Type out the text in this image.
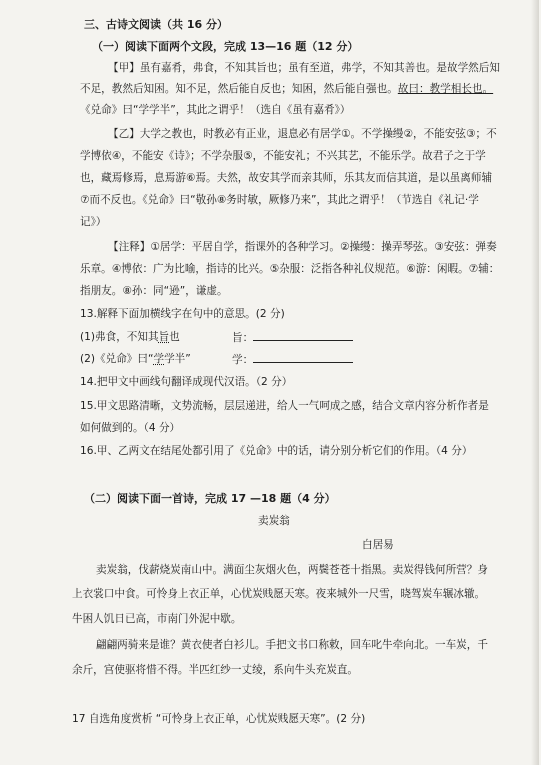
三、古诗文阅读（共 16 分）
（一）阅读下面两个文段，完成 13—16 题（12 分）
【甲】虽有嘉肴，弗食，不知其旨也；虽有至道，弗学，不知其善也。是故学然后知
不足，教然后知困。知不足，然后能自反也；知困，然后能自强也。故曰：教学相长也。
《兑命》曰“学学半”，其此之谓乎！（选自《虽有嘉肴》）
【乙】大学之教也，时教必有正业，退息必有居学①。不学操缦②，不能安弦③；不
学博依④，不能安《诗》；不学杂服⑤，不能安礼；不兴其艺，不能乐学。故君子之于学
也，藏焉修焉，息焉游⑥焉。夫然，故安其学而亲其师，乐其友而信其道，是以虽离师辅
⑦而不反也。《兑命》曰“敬孙⑧务时敏，厥修乃来”，其此之谓乎！（节选自《礼记·学
记》）
【注释】①居学：平居自学，指课外的各种学习。②操缦：操弄琴弦。③安弦：弹奏
乐章。④博依：广为比喻，指诗的比兴。⑤杂服：泛指各种礼仪规范。⑥游：闲暇。⑦辅：
指朋友。⑧孙：同“逊”，谦虚。
13.解释下面加横线字在句中的意思。(2 分)
(1)弗食，不知其旨也	旨：
(2)《兑命》曰“学学半”	学：
14.把甲文中画线句翻译成现代汉语。（2 分）
15.甲文思路清晰，文势流畅，层层递进，给人一气呵成之感，结合文章内容分析作者是
如何做到的。（4 分）
16.甲、乙两文在结尾处都引用了《兑命》中的话，请分别分析它们的作用。（4 分）
（二）阅读下面一首诗，完成 17 —18 题（4 分）
卖炭翁
白居易
卖炭翁，伐薪烧炭南山中。满面尘灰烟火色，两鬓苍苍十指黑。卖炭得钱何所营？身
上衣裳口中食。可怜身上衣正单，心忧炭贱愿天寒。夜来城外一尺雪，晓驾炭车辗冰辙。
牛困人饥日已高，市南门外泥中歇。
翩翩两骑来是谁？黄衣使者白衫儿。手把文书口称敕，回车叱牛牵向北。一车炭，千
余斤，宫使驱将惜不得。半匹红纱一丈绫，系向牛头充炭直。
17 自选角度赏析 “可怜身上衣正单，心忧炭贱愿天寒”。(2 分)
